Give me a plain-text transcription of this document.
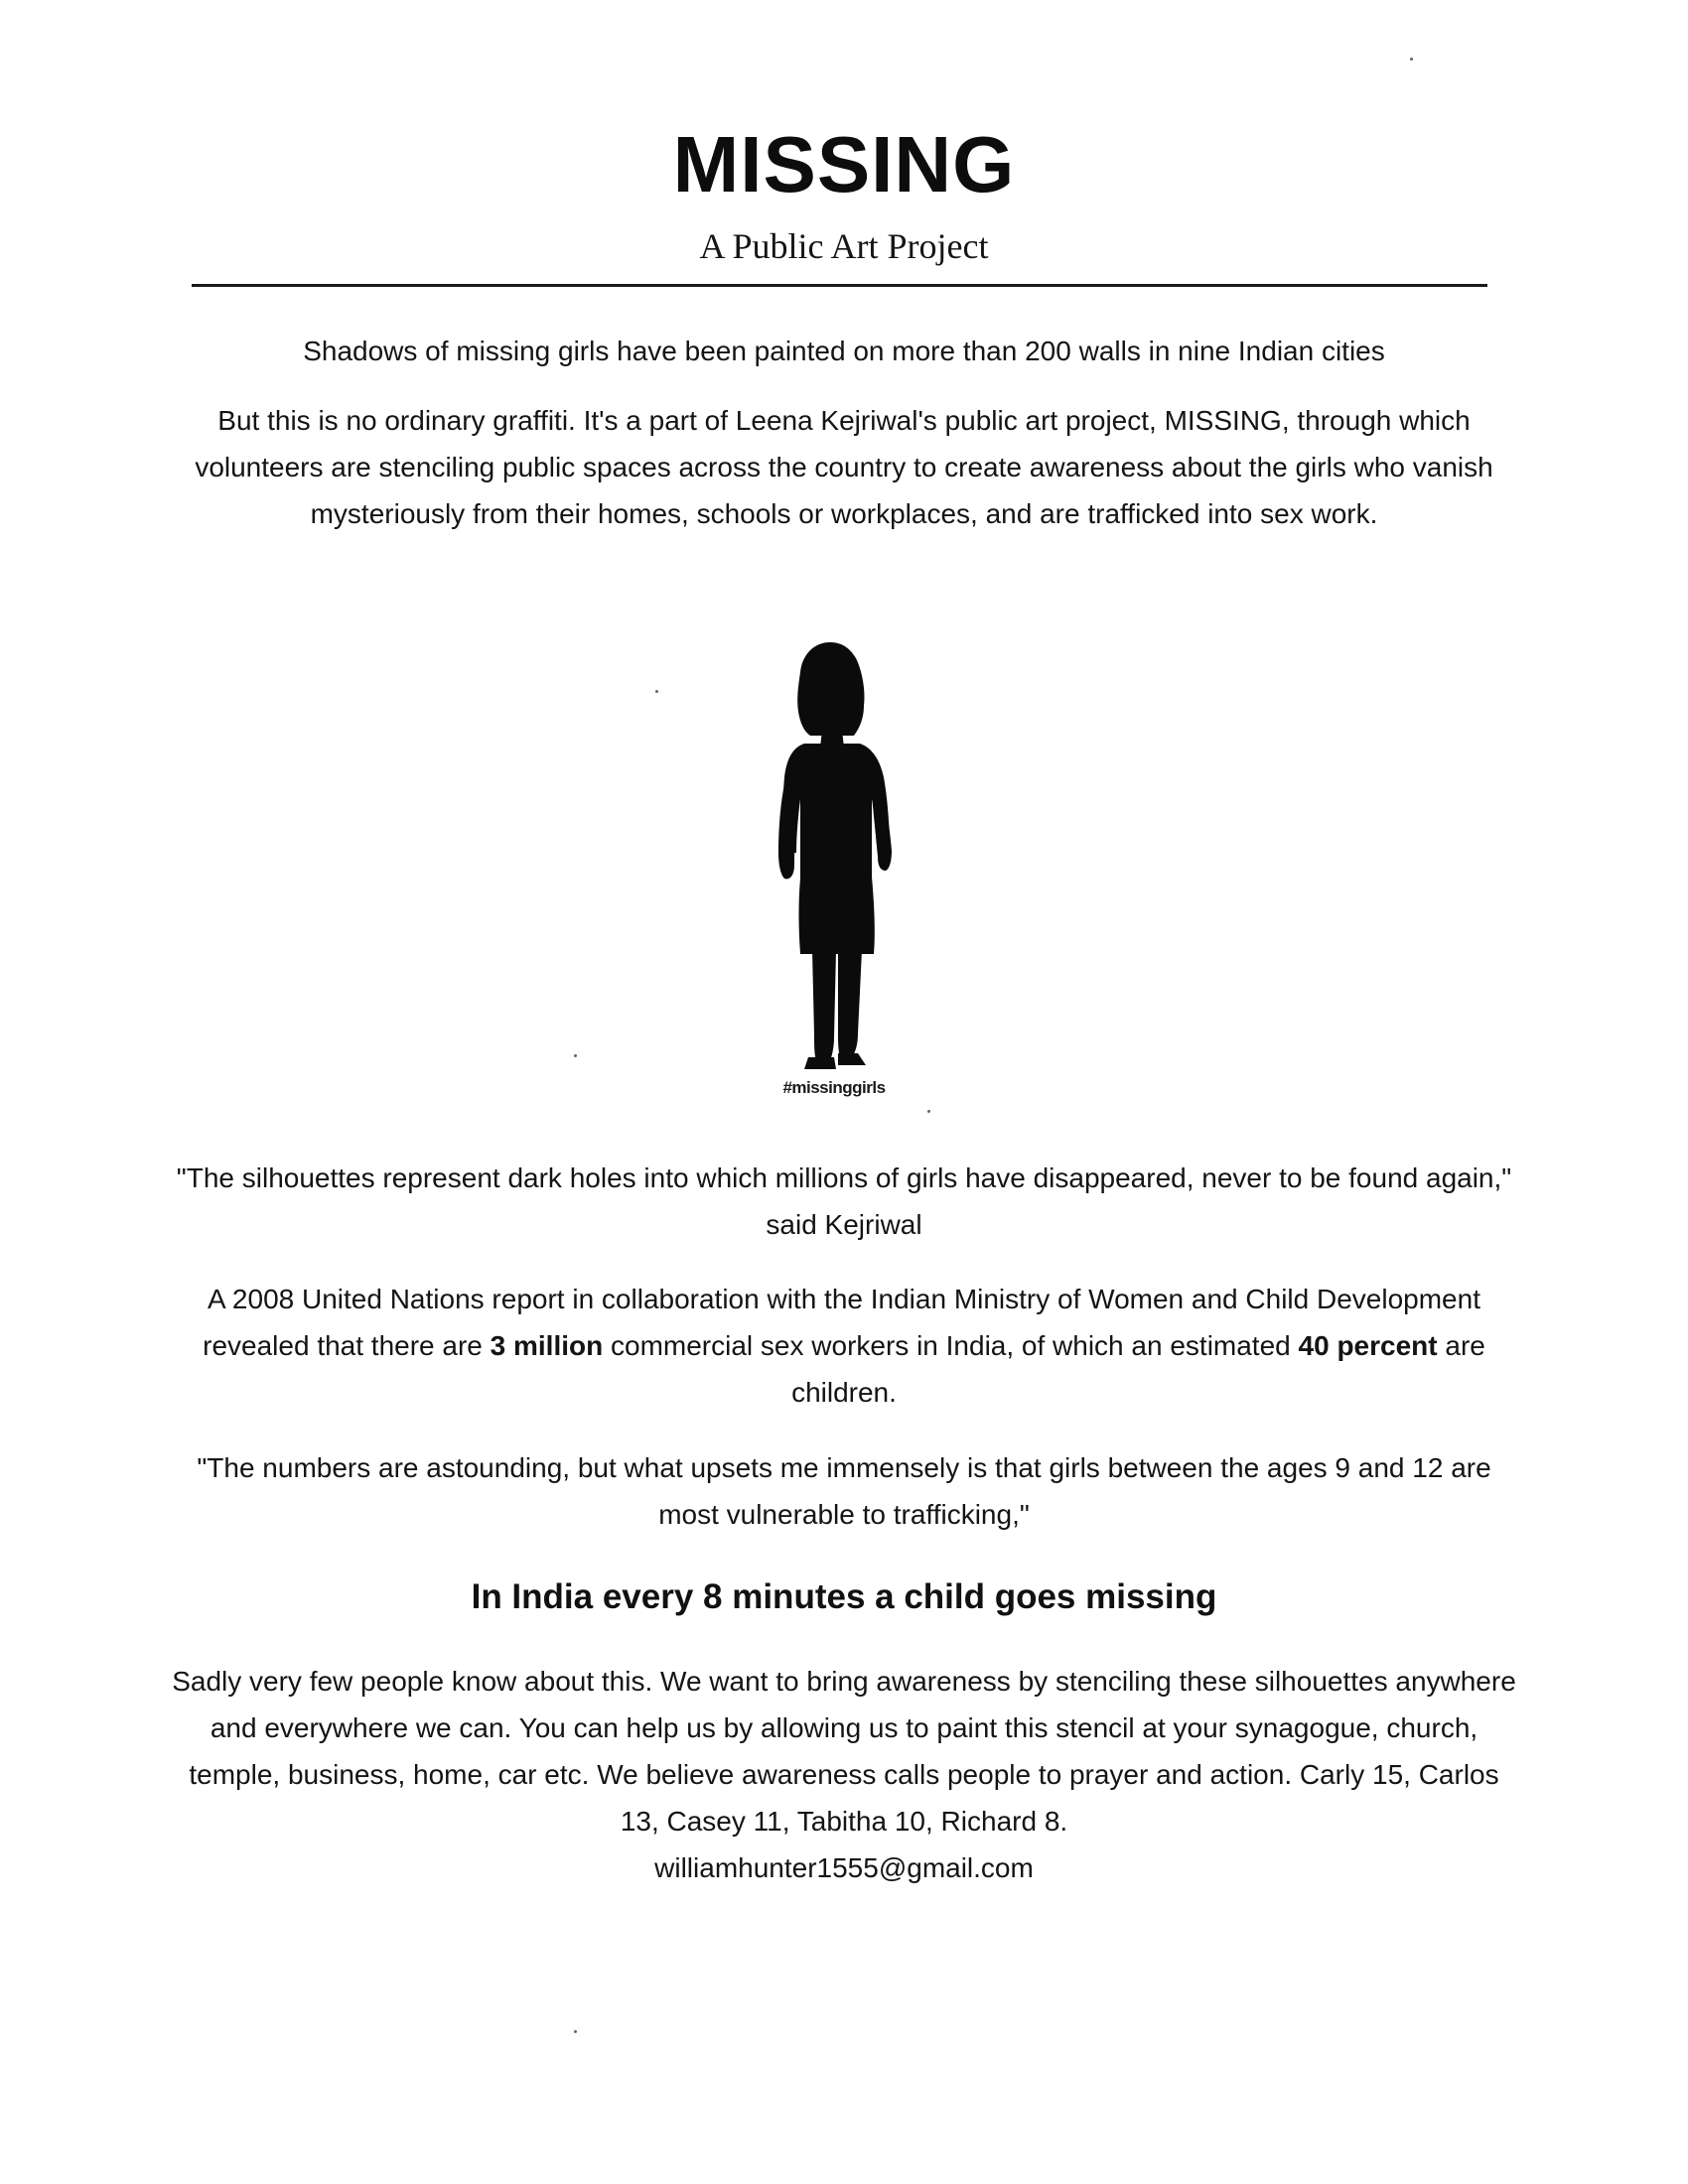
MISSING
A Public Art Project

Shadows of missing girls have been painted on more than 200 walls in nine Indian cities

But this is no ordinary graffiti. It's a part of Leena Kejriwal's public art project, MISSING, through which volunteers are stenciling public spaces across the country to create awareness about the girls who vanish mysteriously from their homes, schools or workplaces, and are trafficked into sex work.

#missinggirls

"The silhouettes represent dark holes into which millions of girls have disappeared, never to be found again," said Kejriwal

A 2008 United Nations report in collaboration with the Indian Ministry of Women and Child Development revealed that there are 3 million commercial sex workers in India, of which an estimated 40 percent are children.

"The numbers are astounding, but what upsets me immensely is that girls between the ages 9 and 12 are most vulnerable to trafficking,"

In India every 8 minutes a child goes missing

Sadly very few people know about this. We want to bring awareness by stenciling these silhouettes anywhere and everywhere we can. You can help us by allowing us to paint this stencil at your synagogue, church, temple, business, home, car etc. We believe awareness calls people to prayer and action. Carly 15, Carlos 13, Casey 11, Tabitha 10, Richard 8.
williamhunter1555@gmail.com
